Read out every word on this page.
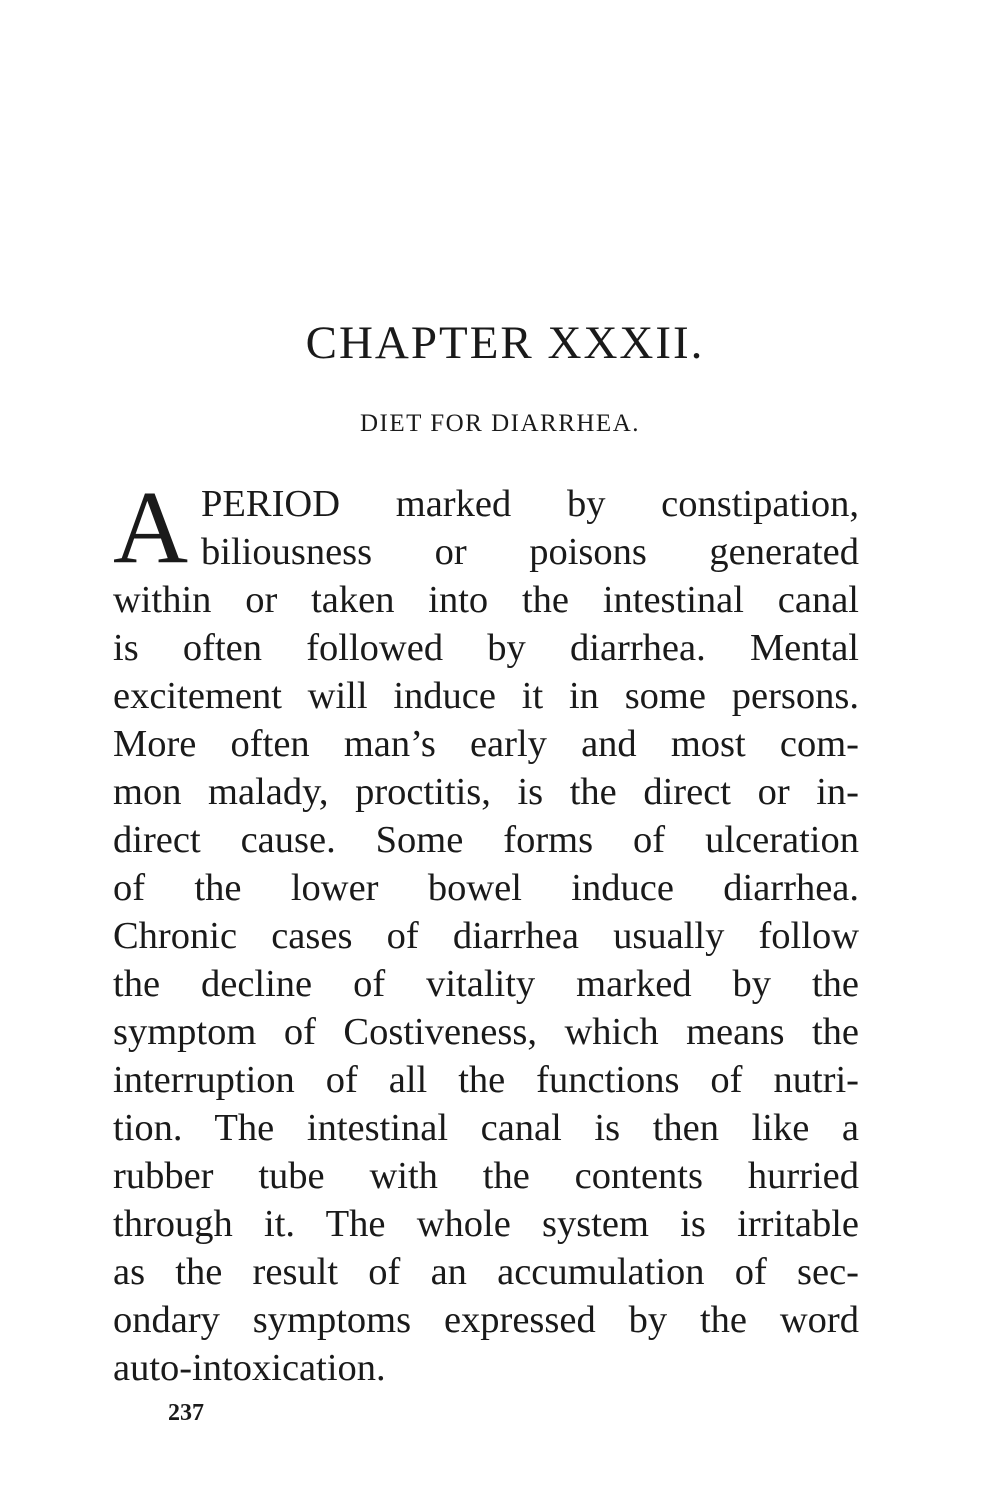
CHAPTER XXXII.
DIET FOR DIARRHEA.
A PERIOD marked by constipation,
biliousness or poisons generated
within or taken into the intestinal canal
is often followed by diarrhea. Mental
excitement will induce it in some persons.
More often man’s early and most com-
mon malady, proctitis, is the direct or in-
direct cause. Some forms of ulceration
of the lower bowel induce diarrhea.
Chronic cases of diarrhea usually follow
the decline of vitality marked by the
symptom of Costiveness, which means the
interruption of all the functions of nutri-
tion. The intestinal canal is then like a
rubber tube with the contents hurried
through it. The whole system is irritable
as the result of an accumulation of sec-
ondary symptoms expressed by the word
auto-intoxication.
237
